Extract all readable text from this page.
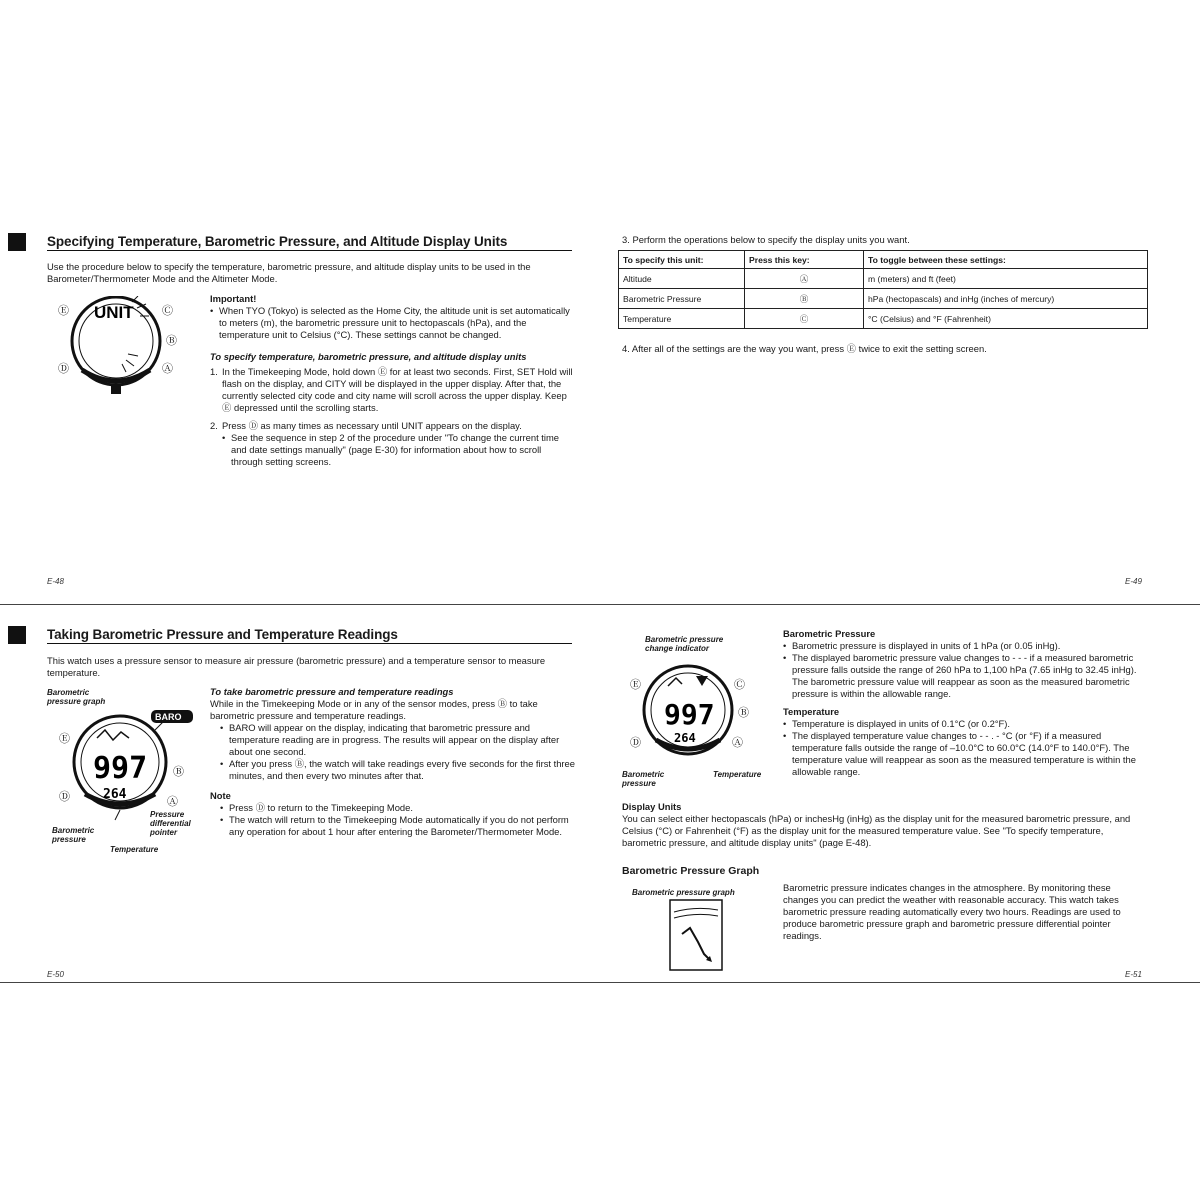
Specifying Temperature, Barometric Pressure, and Altitude Display Units
Use the procedure below to specify the temperature, barometric pressure, and altitude display units to be used in the Barometer/Thermometer Mode and the Altimeter Mode.
UNIT
Ⓔ	Ⓒ
Ⓑ
Ⓓ	Ⓐ
Important!
• When TYO (Tokyo) is selected as the Home City, the altitude unit is set automatically to meters (m), the barometric pressure unit to hectopascals (hPa), and the temperature unit to Celsius (°C). These settings cannot be changed.
To specify temperature, barometric pressure, and altitude display units
1. In the Timekeeping Mode, hold down Ⓔ for at least two seconds. First, SET Hold will flash on the display, and CITY will be displayed in the upper display. After that, the currently selected city code and city name will scroll across the upper display. Keep Ⓔ depressed until the scrolling starts.
2. Press Ⓓ as many times as necessary until UNIT appears on the display.
• See the sequence in step 2 of the procedure under "To change the current time and date settings manually" (page E-30) for information about how to scroll through setting screens.
E-48
3. Perform the operations below to specify the display units you want.
To specify this unit:	Press this key:	To toggle between these settings:
Altitude	Ⓐ	m (meters) and ft (feet)
Barometric Pressure	Ⓑ	hPa (hectopascals) and inHg (inches of mercury)
Temperature	Ⓒ	°C (Celsius) and °F (Fahrenheit)
4. After all of the settings are the way you want, press Ⓔ twice to exit the setting screen.
E-49
Taking Barometric Pressure and Temperature Readings
This watch uses a pressure sensor to measure air pressure (barometric pressure) and a temperature sensor to measure temperature.
Barometric pressure graph
997
264
BARO
Ⓔ
Ⓑ
Ⓓ	Ⓐ
Barometric pressure
Pressure differential pointer
Temperature
To take barometric pressure and temperature readings
While in the Timekeeping Mode or in any of the sensor modes, press Ⓑ to take barometric pressure and temperature readings.
• BARO will appear on the display, indicating that barometric pressure and temperature reading are in progress. The results will appear on the display after about one second.
• After you press Ⓑ, the watch will take readings every five seconds for the first three minutes, and then every two minutes after that.
Note
• Press Ⓓ to return to the Timekeeping Mode.
• The watch will return to the Timekeeping Mode automatically if you do not perform any operation for about 1 hour after entering the Barometer/Thermometer Mode.
E-50
Barometric pressure change indicator
997
264
Ⓔ	Ⓒ
Ⓑ
Ⓓ	Ⓐ
Barometric pressure
Temperature
Barometric Pressure
• Barometric pressure is displayed in units of 1 hPa (or 0.05 inHg).
• The displayed barometric pressure value changes to - - - if a measured barometric pressure falls outside the range of 260 hPa to 1,100 hPa (7.65 inHg to 32.45 inHg). The barometric pressure value will reappear as soon as the measured barometric pressure is within the allowable range.
Temperature
• Temperature is displayed in units of 0.1°C (or 0.2°F).
• The displayed temperature value changes to - - . - °C (or °F) if a measured temperature falls outside the range of –10.0°C to 60.0°C (14.0°F to 140.0°F). The temperature value will reappear as soon as the measured temperature is within the allowable range.
Display Units
You can select either hectopascals (hPa) or inchesHg (inHg) as the display unit for the measured barometric pressure, and Celsius (°C) or Fahrenheit (°F) as the display unit for the measured temperature value. See "To specify temperature, barometric pressure, and altitude display units" (page E-48).
Barometric Pressure Graph
Barometric pressure graph	Barometric pressure indicates changes in the atmosphere. By monitoring these changes you can predict the weather with reasonable accuracy. This watch takes barometric pressure reading automatically every two hours. Readings are used to produce barometric pressure graph and barometric pressure differential pointer readings.
E-51
